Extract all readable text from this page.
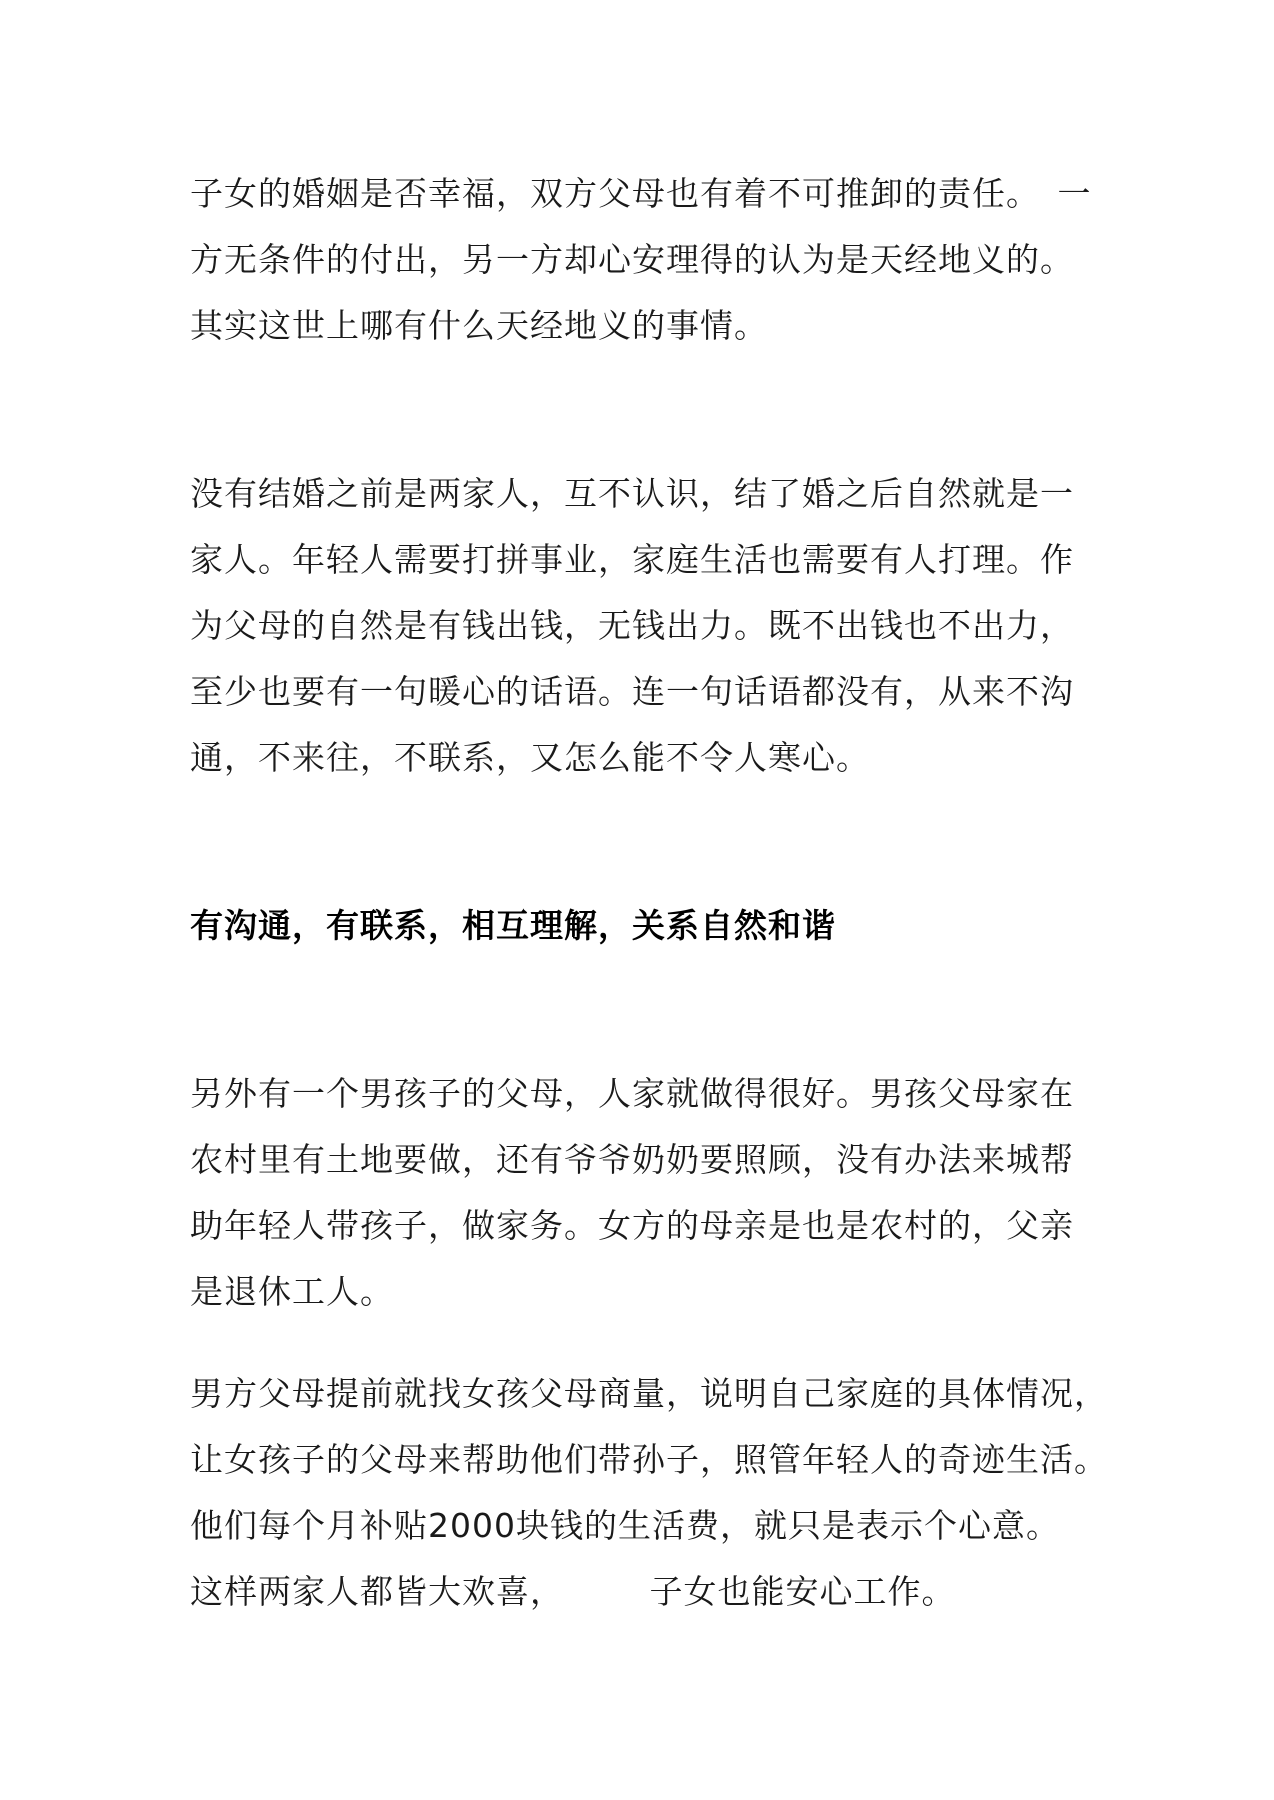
子女的婚姻是否幸福，双方父母也有着不可推卸的责任。　一
方无条件的付出，另一方却心安理得的认为是天经地义的。
其实这世上哪有什么天经地义的事情。
没有结婚之前是两家人，互不认识，结了婚之后自然就是一
家人。年轻人需要打拼事业，家庭生活也需要有人打理。作
为父母的自然是有钱出钱，无钱出力。既不出钱也不出力，
至少也要有一句暖心的话语。连一句话语都没有，从来不沟
通，不来往，不联系，又怎么能不令人寒心。
有沟通，有联系，相互理解，关系自然和谐
另外有一个男孩子的父母，人家就做得很好。男孩父母家在
农村里有土地要做，还有爷爷奶奶要照顾，没有办法来城帮
助年轻人带孩子，做家务。女方的母亲是也是农村的，父亲
是退休工人。
男方父母提前就找女孩父母商量，说明自己家庭的具体情况，
让女孩子的父母来帮助他们带孙子，照管年轻人的奇迹生活。
他们每个月补贴2000块钱的生活费，就只是表示个心意。
这样两家人都皆大欢喜，　　　子女也能安心工作。
